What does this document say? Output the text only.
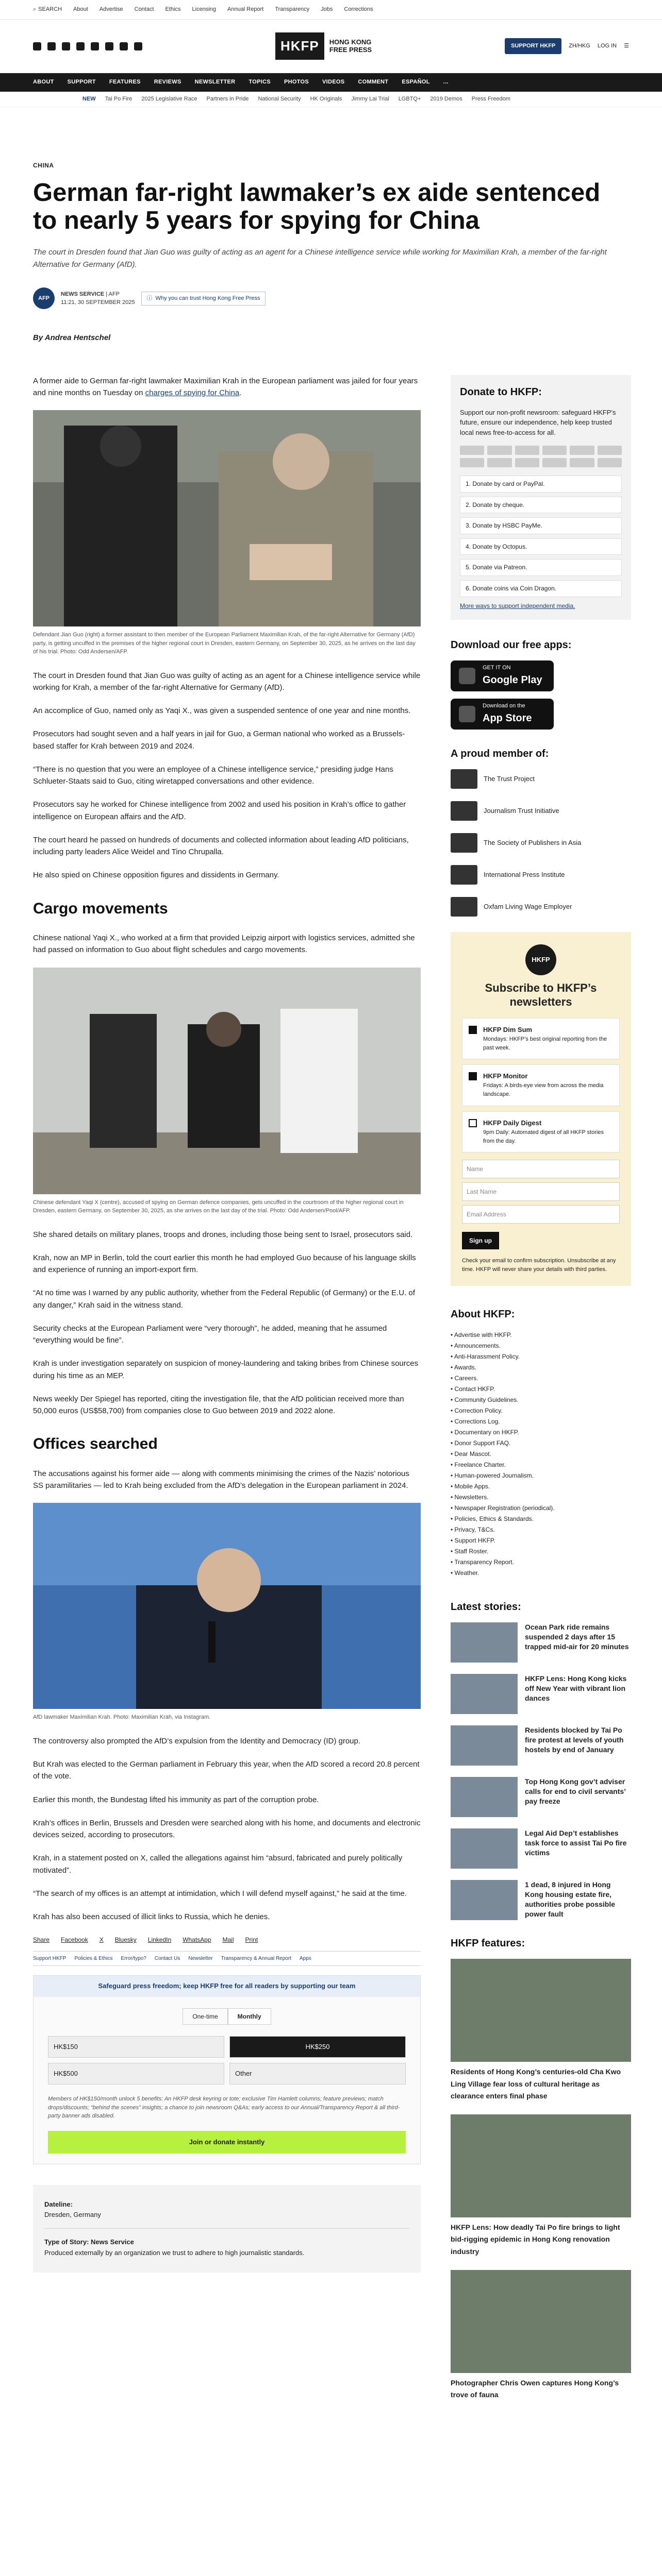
⌕ SEARCH About Advertise Contact Ethics Licensing Annual Report Transparency Jobs Corrections
HKFP	HONG KONG
FREE PRESS
SUPPORT HKFP	ZH/HKG LOG IN ☰
ABOUT SUPPORT FEATURES REVIEWS NEWSLETTER TOPICS PHOTOS VIDEOS COMMENT ESPAÑOL ...
NEW Tai Po Fire 2025 Legislative Race Partners in Pride National Security HK Originals Jimmy Lai Trial LGBTQ+ 2019 Demos Press Freedom
CHINA
German far-right lawmaker’s ex aide sentenced to nearly 5 years for spying for China
The court in Dresden found that Jian Guo was guilty of acting as an agent for a Chinese intelligence service while working for Maximilian Krah, a member of the far-right Alternative for Germany (AfD).
AFP
NEWS SERVICE | AFP
11:21, 30 SEPTEMBER 2025
ⓘ Why you can trust Hong Kong Free Press
By Andrea Hentschel

A former aide to German far-right lawmaker Maximilian Krah in the European parliament was jailed for four years and nine months on Tuesday on charges of spying for China.

Defendant Jian Guo (right) a former assistant to then member of the European Parliament Maximilian Krah, of the far-right Alternative for Germany (AfD) party, is getting uncuffed in the premises of the higher regional court in Dresden, eastern Germany, on September 30, 2025, as he arrives on the last day of his trial. Photo: Odd Andersen/AFP.

The court in Dresden found that Jian Guo was guilty of acting as an agent for a Chinese intelligence service while working for Krah, a member of the far-right Alternative for Germany (AfD).

An accomplice of Guo, named only as Yaqi X., was given a suspended sentence of one year and nine months.

Prosecutors had sought seven and a half years in jail for Guo, a German national who worked as a Brussels-based staffer for Krah between 2019 and 2024.

“There is no question that you were an employee of a Chinese intelligence service,” presiding judge Hans Schlueter-Staats said to Guo, citing wiretapped conversations and other evidence.

Prosecutors say he worked for Chinese intelligence from 2002 and used his position in Krah’s office to gather intelligence on European affairs and the AfD.

The court heard he passed on hundreds of documents and collected information about leading AfD politicians, including party leaders Alice Weidel and Tino Chrupalla.

He also spied on Chinese opposition figures and dissidents in Germany.

Cargo movements

Chinese national Yaqi X., who worked at a firm that provided Leipzig airport with logistics services, admitted she had passed on information to Guo about flight schedules and cargo movements.

Chinese defendant Yaqi X (centre), accused of spying on German defence companies, gets uncuffed in the courtroom of the higher regional court in Dresden, eastern Germany, on September 30, 2025, as she arrives on the last day of the trial. Photo: Odd Andersen/Pool/AFP.

She shared details on military planes, troops and drones, including those being sent to Israel, prosecutors said.

Krah, now an MP in Berlin, told the court earlier this month he had employed Guo because of his language skills and experience of running an import-export firm.

“At no time was I warned by any public authority, whether from the Federal Republic (of Germany) or the E.U. of any danger,” Krah said in the witness stand.

Security checks at the European Parliament were “very thorough”, he added, meaning that he assumed “everything would be fine”.

Krah is under investigation separately on suspicion of money-laundering and taking bribes from Chinese sources during his time as an MEP.

News weekly Der Spiegel has reported, citing the investigation file, that the AfD politician received more than 50,000 euros (US$58,700) from companies close to Guo between 2019 and 2022 alone.

Offices searched

The accusations against his former aide — along with comments minimising the crimes of the Nazis’ notorious SS paramilitaries — led to Krah being excluded from the AfD’s delegation in the European parliament in 2024.

AfD lawmaker Maximilian Krah. Photo: Maximilian Krah, via Instagram.

The controversy also prompted the AfD’s expulsion from the Identity and Democracy (ID) group.

But Krah was elected to the German parliament in February this year, when the AfD scored a record 20.8 percent of the vote.

Earlier this month, the Bundestag lifted his immunity as part of the corruption probe.

Krah’s offices in Berlin, Brussels and Dresden were searched along with his home, and documents and electronic devices seized, according to prosecutors.

Krah, in a statement posted on X, called the allegations against him “absurd, fabricated and purely politically motivated”.

“The search of my offices is an attempt at intimidation, which I will defend myself against,” he said at the time.

Krah has also been accused of illicit links to Russia, which he denies.

Share Facebook X Bluesky LinkedIn WhatsApp Mail Print
Support HKFP Policies & Ethics Error/typo? Contact Us Newsletter Transparency & Annual Report Apps
Safeguard press freedom; keep HKFP free for all readers by supporting our team
One-time	Monthly
HK$150	HK$250
HK$500	Other
Members of HK$150/month unlock 5 benefits: An HKFP desk keyring or tote; exclusive Tim Hamlett columns; feature previews; match drops/discounts; “behind the scenes” insights; a chance to join newsroom Q&As; early access to our Annual/Transparency Report & all third-party banner ads disabled.
Join or donate instantly
Dateline:
Dresden, Germany
Type of Story: News Service
Produced externally by an organization we trust to adhere to high journalistic standards.
Donate to HKFP:

Support our non-profit newsroom: safeguard HKFP’s future, ensure our independence, help keep trusted local news free-to-access for all.

1. Donate by card or PayPal.
2. Donate by cheque.
3. Donate by HSBC PayMe.
4. Donate by Octopus.
5. Donate via Patreon.
6. Donate coins via Coin Dragon.
More ways to support independent media.
Download our free apps:
GET IT ON
Google Play
Download on the
App Store
A proud member of:
The Trust Project
Journalism Trust Initiative
The Society of Publishers in Asia
International Press Institute
Oxfam Living Wage Employer
HKFP
Subscribe to HKFP’s newsletters
HKFP Dim Sum
Mondays: HKFP’s best original reporting from the past week.
HKFP Monitor
Fridays: A birds-eye view from across the media landscape.
HKFP Daily Digest
9pm Daily: Automated digest of all HKFP stories from the day.
Name
Last Name
Email Address
Sign up
Check your email to confirm subscription. Unsubscribe at any time. HKFP will never share your details with third parties.
About HKFP:
• Advertise with HKFP.
• Announcements.
• Anti-Harassment Policy.
• Awards.
• Careers.
• Contact HKFP.
• Community Guidelines.
• Correction Policy.
• Corrections Log.
• Documentary on HKFP.
• Donor Support FAQ.
• Dear Mascot.
• Freelance Charter.
• Human-powered Journalism.
• Mobile Apps.
• Newsletters.
• Newspaper Registration (periodical).
• Policies, Ethics & Standards.
• Privacy, T&Cs.
• Support HKFP.
• Staff Roster.
• Transparency Report.
• Weather.
Latest stories:
Ocean Park ride remains suspended 2 days after 15 trapped mid-air for 20 minutes
HKFP Lens: Hong Kong kicks off New Year with vibrant lion dances
Residents blocked by Tai Po fire protest at levels of youth hostels by end of January
Top Hong Kong gov’t adviser calls for end to civil servants’ pay freeze
Legal Aid Dep’t establishes task force to assist Tai Po fire victims
1 dead, 8 injured in Hong Kong housing estate fire, authorities probe possible power fault
HKFP features:
Residents of Hong Kong’s centuries-old Cha Kwo Ling Village fear loss of cultural heritage as clearance enters final phase
HKFP Lens: How deadly Tai Po fire brings to light bid-rigging epidemic in Hong Kong renovation industry
Photographer Chris Owen captures Hong Kong’s trove of fauna
